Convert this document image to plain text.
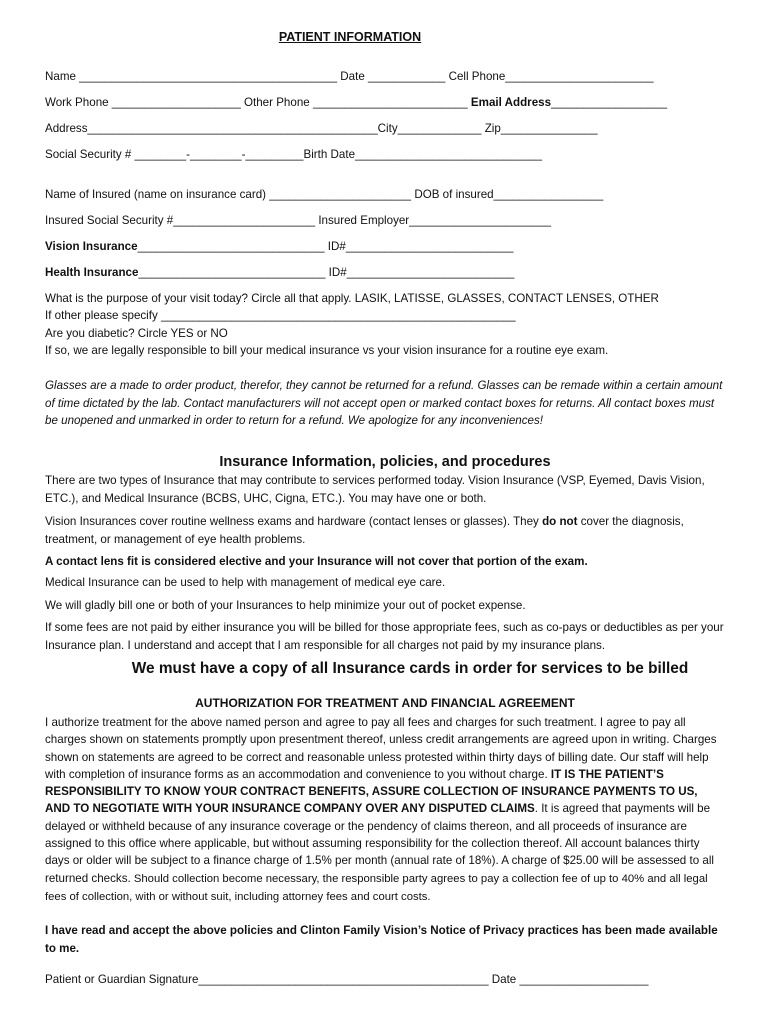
PATIENT INFORMATION
Name ________________________________________ Date ____________ Cell Phone_______________________
Work Phone ____________________ Other Phone ________________________ Email Address__________________
Address_____________________________________________City_____________ Zip_______________
Social Security # ________-________-_________Birth Date_____________________________
Name of Insured (name on insurance card) ______________________ DOB of insured_________________
Insured Social Security #______________________ Insured Employer______________________
Vision Insurance_____________________________ ID#__________________________
Health Insurance_____________________________ ID#__________________________
What is the purpose of your visit today? Circle all that apply. LASIK, LATISSE, GLASSES, CONTACT LENSES, OTHER
If other please specify _______________________________________________________
Are you diabetic? Circle YES or NO
If so, we are legally responsible to bill your medical insurance vs your vision insurance for a routine eye exam.
Glasses are a made to order product, therefor, they cannot be returned for a refund. Glasses can be remade within a certain amount of time dictated by the lab. Contact manufacturers will not accept open or marked contact boxes for returns. All contact boxes must be unopened and unmarked in order to return for a refund. We apologize for any inconveniences!
Insurance Information, policies, and procedures
There are two types of Insurance that may contribute to services performed today. Vision Insurance (VSP, Eyemed, Davis Vision, ETC.), and Medical Insurance (BCBS, UHC, Cigna, ETC.). You may have one or both.
Vision Insurances cover routine wellness exams and hardware (contact lenses or glasses). They do not cover the diagnosis, treatment, or management of eye health problems.
A contact lens fit is considered elective and your Insurance will not cover that portion of the exam.
Medical Insurance can be used to help with management of medical eye care.
We will gladly bill one or both of your Insurances to help minimize your out of pocket expense.
If some fees are not paid by either insurance you will be billed for those appropriate fees, such as co-pays or deductibles as per your Insurance plan. I understand and accept that I am responsible for all charges not paid by my insurance plans.
We must have a copy of all Insurance cards in order for services to be billed
AUTHORIZATION FOR TREATMENT AND FINANCIAL AGREEMENT
I authorize treatment for the above named person and agree to pay all fees and charges for such treatment. I agree to pay all charges shown on statements promptly upon presentment thereof, unless credit arrangements are agreed upon in writing. Charges shown on statements are agreed to be correct and reasonable unless protested within thirty days of billing date. Our staff will help with completion of insurance forms as an accommodation and convenience to you without charge. IT IS THE PATIENT’S RESPONSIBILITY TO KNOW YOUR CONTRACT BENEFITS, ASSURE COLLECTION OF INSURANCE PAYMENTS TO US, AND TO NEGOTIATE WITH YOUR INSURANCE COMPANY OVER ANY DISPUTED CLAIMS. It is agreed that payments will be delayed or withheld because of any insurance coverage or the pendency of claims thereon, and all proceeds of insurance are assigned to this office where applicable, but without assuming responsibility for the collection thereof. All account balances thirty days or older will be subject to a finance charge of 1.5% per month (annual rate of 18%). A charge of $25.00 will be assessed to all returned checks. Should collection become necessary, the responsible party agrees to pay a collection fee of up to 40% and all legal fees of collection, with or without suit, including attorney fees and court costs.
I have read and accept the above policies and Clinton Family Vision’s Notice of Privacy practices has been made available to me.
Patient or Guardian Signature_____________________________________________ Date ____________________
